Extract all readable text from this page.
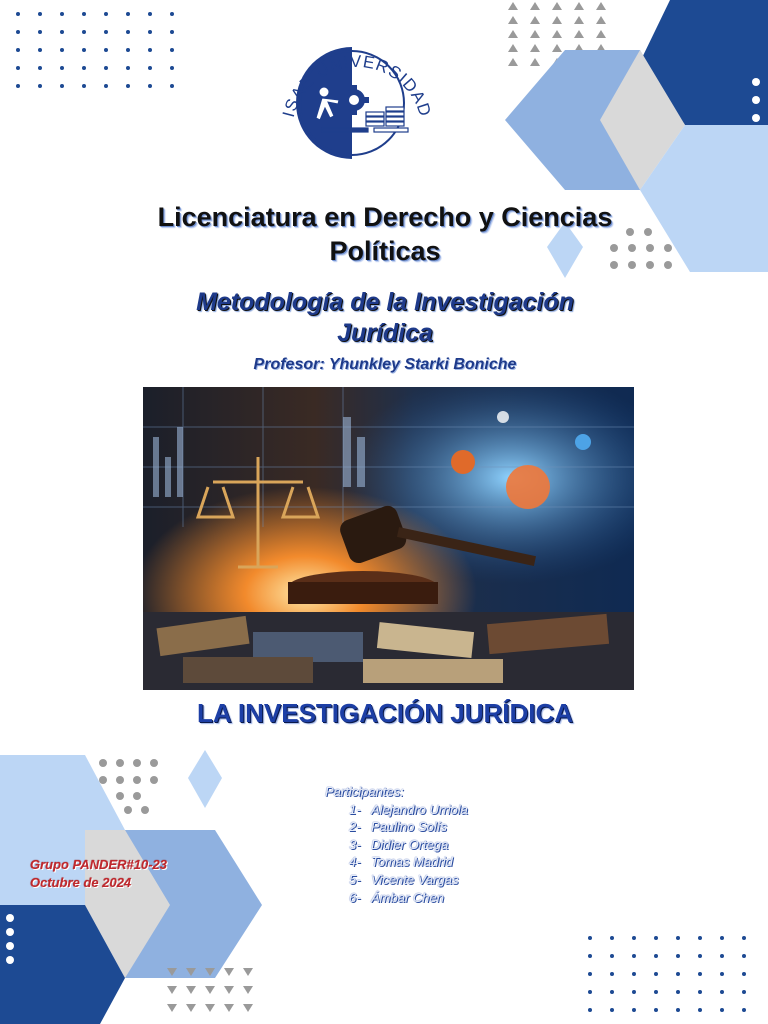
ISAE UNIVERSIDAD
Licenciatura en Derecho y Ciencias
Políticas
Metodología de la Investigación
Jurídica
Profesor: Yhunkley Starki Boniche
LA INVESTIGACIÓN JURÍDICA
Participantes:
1- Alejandro Urriola
2- Paulino Solís
3- Didier Ortega
4- Tomas Madrid
5- Vicente Vargas
6- Ámbar Chen
Grupo PANDER#10-23
Octubre de 2024
